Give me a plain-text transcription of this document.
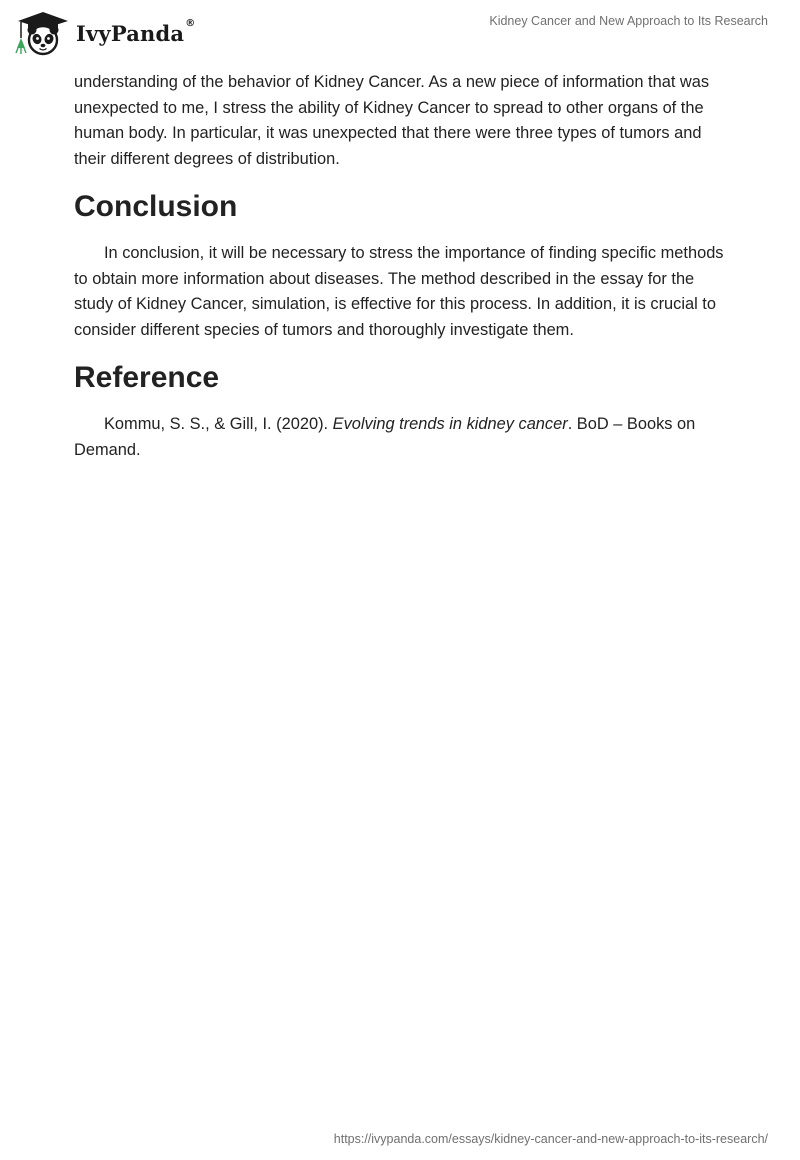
IvyPanda ®	Kidney Cancer and New Approach to Its Research

understanding of the behavior of Kidney Cancer. As a new piece of information that was unexpected to me, I stress the ability of Kidney Cancer to spread to other organs of the human body. In particular, it was unexpected that there were three types of tumors and their different degrees of distribution.

Conclusion

In conclusion, it will be necessary to stress the importance of finding specific methods to obtain more information about diseases. The method described in the essay for the study of Kidney Cancer, simulation, is effective for this process. In addition, it is crucial to consider different species of tumors and thoroughly investigate them.

Reference

Kommu, S. S., & Gill, I. (2020). Evolving trends in kidney cancer. BoD – Books on Demand.

https://ivypanda.com/essays/kidney-cancer-and-new-approach-to-its-research/
